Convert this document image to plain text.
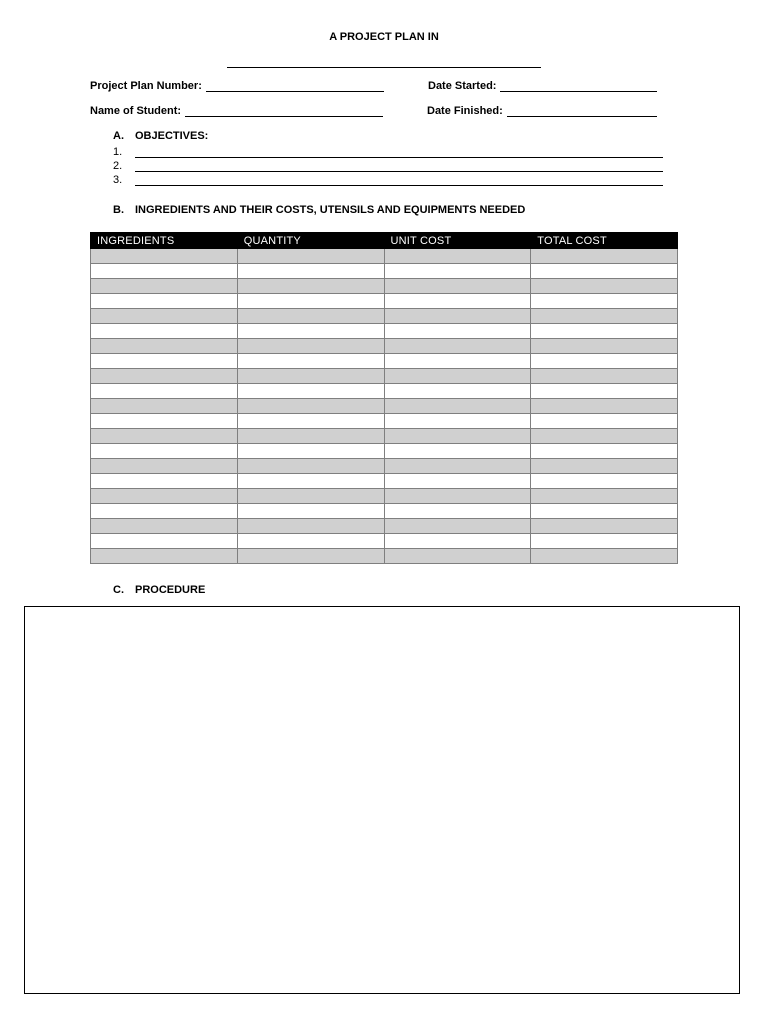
A PROJECT PLAN IN
Project Plan Number:	Date Started:
Name of Student:	Date Finished:
A. OBJECTIVES:
1.
2.
3.
B. INGREDIENTS AND THEIR COSTS, UTENSILS AND EQUIPMENTS NEEDED
INGREDIENTS	QUANTITY	UNIT COST	TOTAL COST

C. PROCEDURE
